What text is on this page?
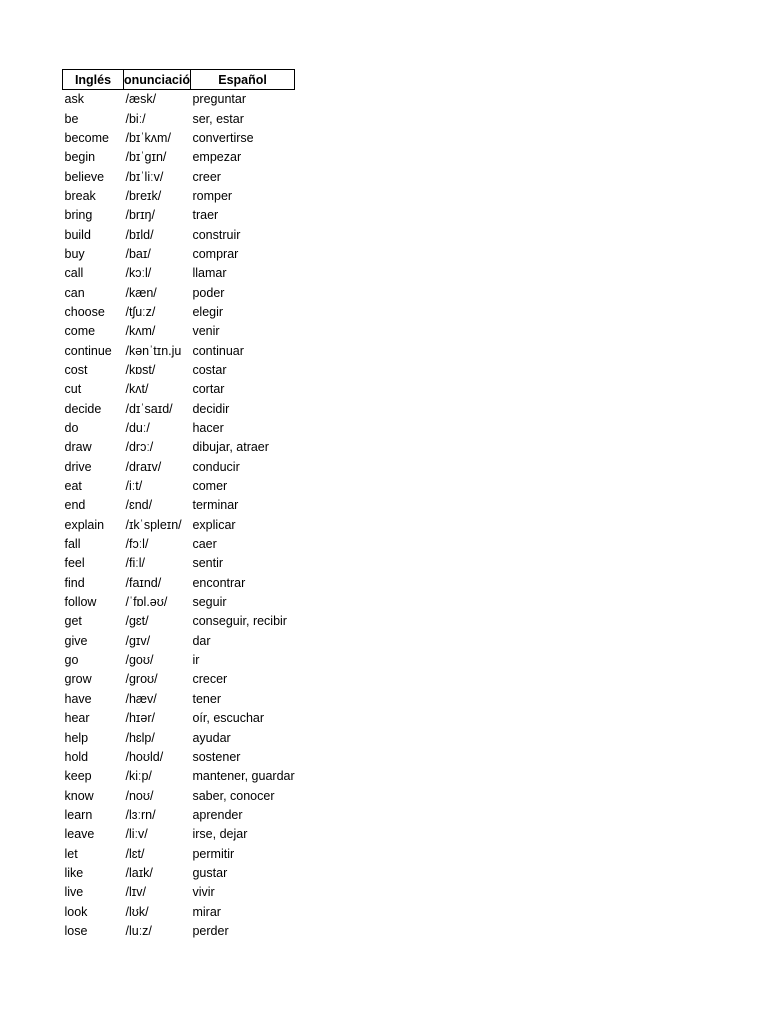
Inglés	onunciació	Español
ask	/æsk/	preguntar
be	/biː/	ser, estar
become	/bɪˈkʌm/	convertirse
begin	/bɪˈɡɪn/	empezar
believe	/bɪˈliːv/	creer
break	/breɪk/	romper
bring	/brɪŋ/	traer
build	/bɪld/	construir
buy	/baɪ/	comprar
call	/kɔːl/	llamar
can	/kæn/	poder
choose	/tʃuːz/	elegir
come	/kʌm/	venir
continue	/kənˈtɪn.ju	continuar
cost	/kɒst/	costar
cut	/kʌt/	cortar
decide	/dɪˈsaɪd/	decidir
do	/duː/	hacer
draw	/drɔː/	dibujar, atraer
drive	/draɪv/	conducir
eat	/iːt/	comer
end	/ɛnd/	terminar
explain	/ɪkˈspleɪn/	explicar
fall	/fɔːl/	caer
feel	/fiːl/	sentir
find	/faɪnd/	encontrar
follow	/ˈfɒl.əʊ/	seguir
get	/ɡɛt/	conseguir, recibir
give	/ɡɪv/	dar
go	/ɡoʊ/	ir
grow	/ɡroʊ/	crecer
have	/hæv/	tener
hear	/hɪər/	oír, escuchar
help	/hɛlp/	ayudar
hold	/hoʊld/	sostener
keep	/kiːp/	mantener, guardar
know	/noʊ/	saber, conocer
learn	/lɜːrn/	aprender
leave	/liːv/	irse, dejar
let	/lɛt/	permitir
like	/laɪk/	gustar
live	/lɪv/	vivir
look	/lʊk/	mirar
lose	/luːz/	perder
